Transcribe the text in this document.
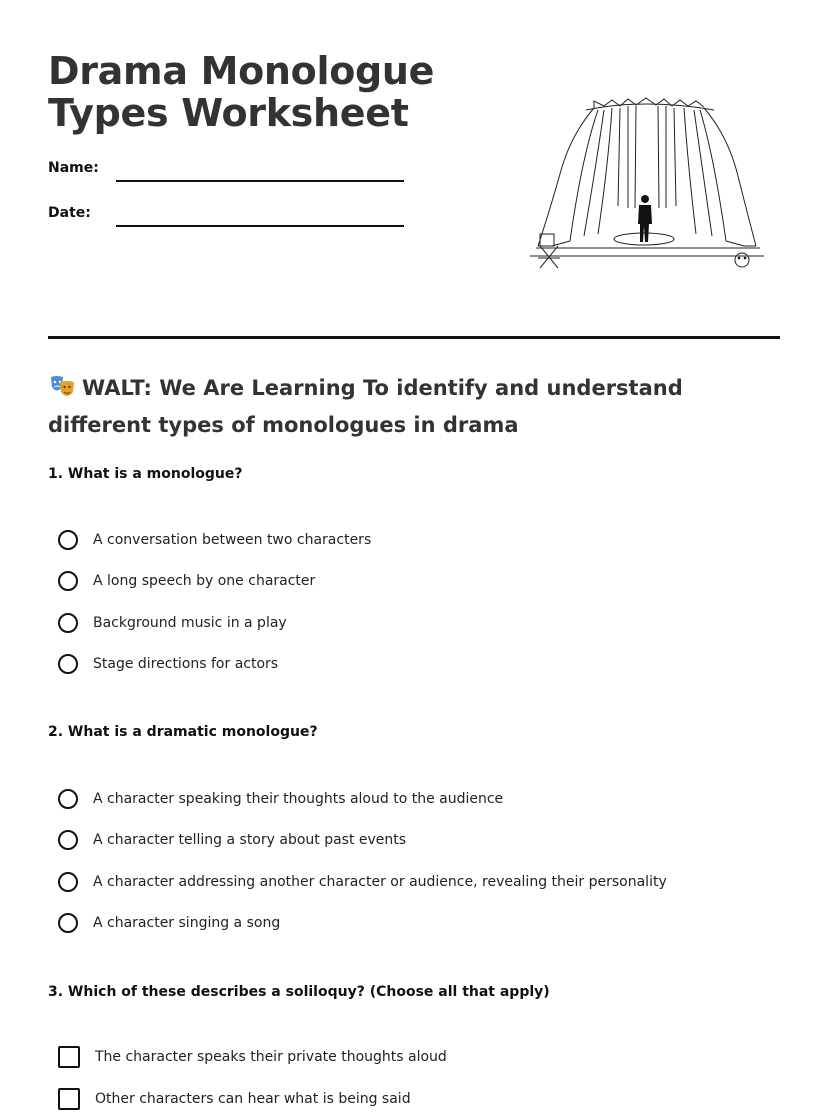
Drama Monologue
Types Worksheet
Name:
Date:
WALT: We Are Learning To identify and understand different types of monologues in drama
1. What is a monologue?
A conversation between two characters
A long speech by one character
Background music in a play
Stage directions for actors
2. What is a dramatic monologue?
A character speaking their thoughts aloud to the audience
A character telling a story about past events
A character addressing another character or audience, revealing their personality
A character singing a song
3. Which of these describes a soliloquy? (Choose all that apply)
The character speaks their private thoughts aloud
Other characters can hear what is being said
